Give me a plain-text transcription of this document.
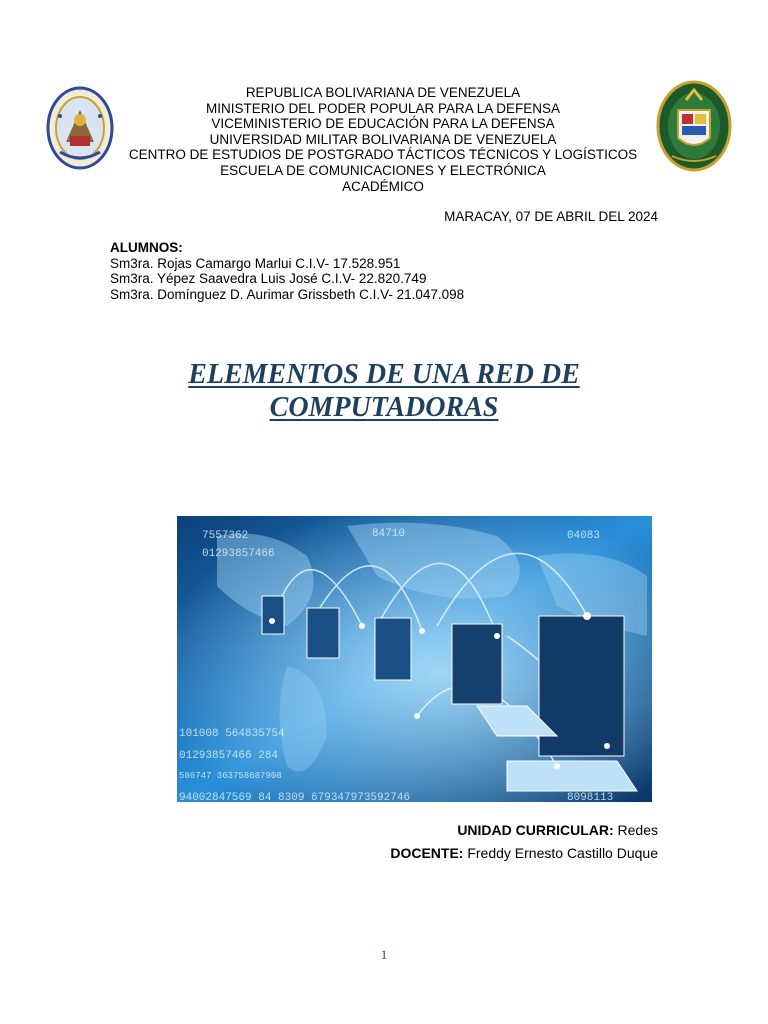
REPUBLICA BOLIVARIANA DE VENEZUELA
MINISTERIO DEL PODER POPULAR PARA LA DEFENSA
VICEMINISTERIO DE EDUCACIÓN PARA LA DEFENSA
UNIVERSIDAD MILITAR BOLIVARIANA DE VENEZUELA
CENTRO DE ESTUDIOS DE POSTGRADO TÁCTICOS TÉCNICOS Y LOGÍSTICOS
ESCUELA DE COMUNICACIONES Y ELECTRÓNICA
ACADÉMICO
MARACAY, 07 DE ABRIL DEL 2024
ALUMNOS:
Sm3ra. Rojas Camargo Marlui C.I.V- 17.528.951
Sm3ra. Yépez Saavedra Luis José C.I.V- 22.820.749
Sm3ra. Domínguez D. Aurimar Grissbeth C.I.V- 21.047.098
ELEMENTOS DE UNA RED DE
COMPUTADORAS
7557362	84710	04083
01293857466
101008 564835754
01293857466 284
586747 363758687908
94002847569 84 8309 679347973592746	8098113
UNIDAD CURRICULAR: Redes
DOCENTE: Freddy Ernesto Castillo Duque
1
